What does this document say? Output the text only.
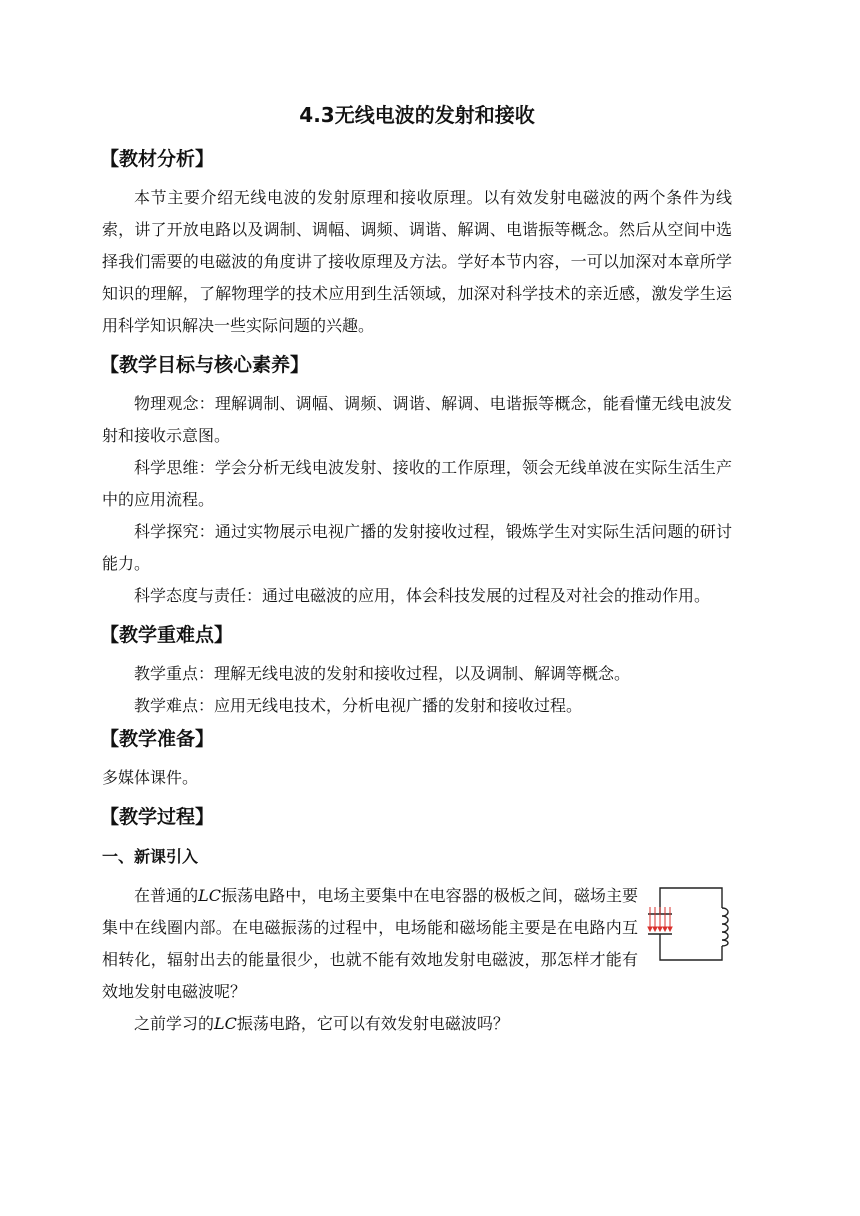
4.3无线电波的发射和接收
【教材分析】

本节主要介绍无线电波的发射原理和接收原理。以有效发射电磁波的两个条件为线索，讲了开放电路以及调制、调幅、调频、调谐、解调、电谐振等概念。然后从空间中选择我们需要的电磁波的角度讲了接收原理及方法。学好本节内容，一可以加深对本章所学知识的理解，了解物理学的技术应用到生活领域，加深对科学技术的亲近感，激发学生运用科学知识解决一些实际问题的兴趣。

【教学目标与核心素养】

物理观念：理解调制、调幅、调频、调谐、解调、电谐振等概念，能看懂无线电波发射和接收示意图。

科学思维：学会分析无线电波发射、接收的工作原理，领会无线单波在实际生活生产中的应用流程。

科学探究：通过实物展示电视广播的发射接收过程，锻炼学生对实际生活问题的研讨能力。

科学态度与责任：通过电磁波的应用，体会科技发展的过程及对社会的推动作用。

【教学重难点】

教学重点：理解无线电波的发射和接收过程，以及调制、解调等概念。

教学难点：应用无线电技术，分析电视广播的发射和接收过程。

【教学准备】

多媒体课件。

【教学过程】
一、新课引入

在普通的LC振荡电路中，电场主要集中在电容器的极板之间，磁场主要集中在线圈内部。在电磁振荡的过程中，电场能和磁场能主要是在电路内互相转化，辐射出去的能量很少，也就不能有效地发射电磁波，那怎样才能有效地发射电磁波呢？

之前学习的LC振荡电路，它可以有效发射电磁波吗？
